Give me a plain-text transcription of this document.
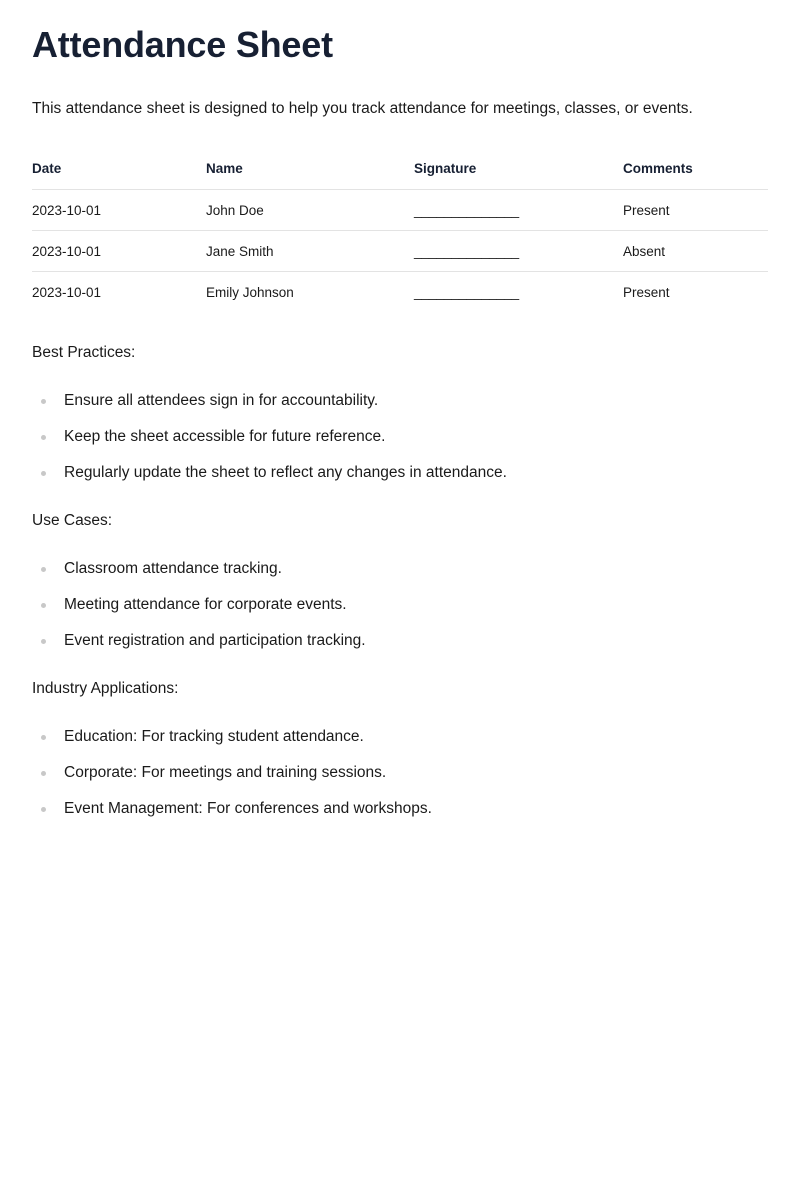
Attendance Sheet

This attendance sheet is designed to help you track attendance for meetings, classes, or events.

Date	Name	Signature	Comments
2023-10-01	John Doe	______________	Present
2023-10-01	Jane Smith	______________	Absent
2023-10-01	Emily Johnson	______________	Present

Best Practices:

Ensure all attendees sign in for accountability.
Keep the sheet accessible for future reference.
Regularly update the sheet to reflect any changes in attendance.

Use Cases:

Classroom attendance tracking.
Meeting attendance for corporate events.
Event registration and participation tracking.

Industry Applications:

Education: For tracking student attendance.
Corporate: For meetings and training sessions.
Event Management: For conferences and workshops.
